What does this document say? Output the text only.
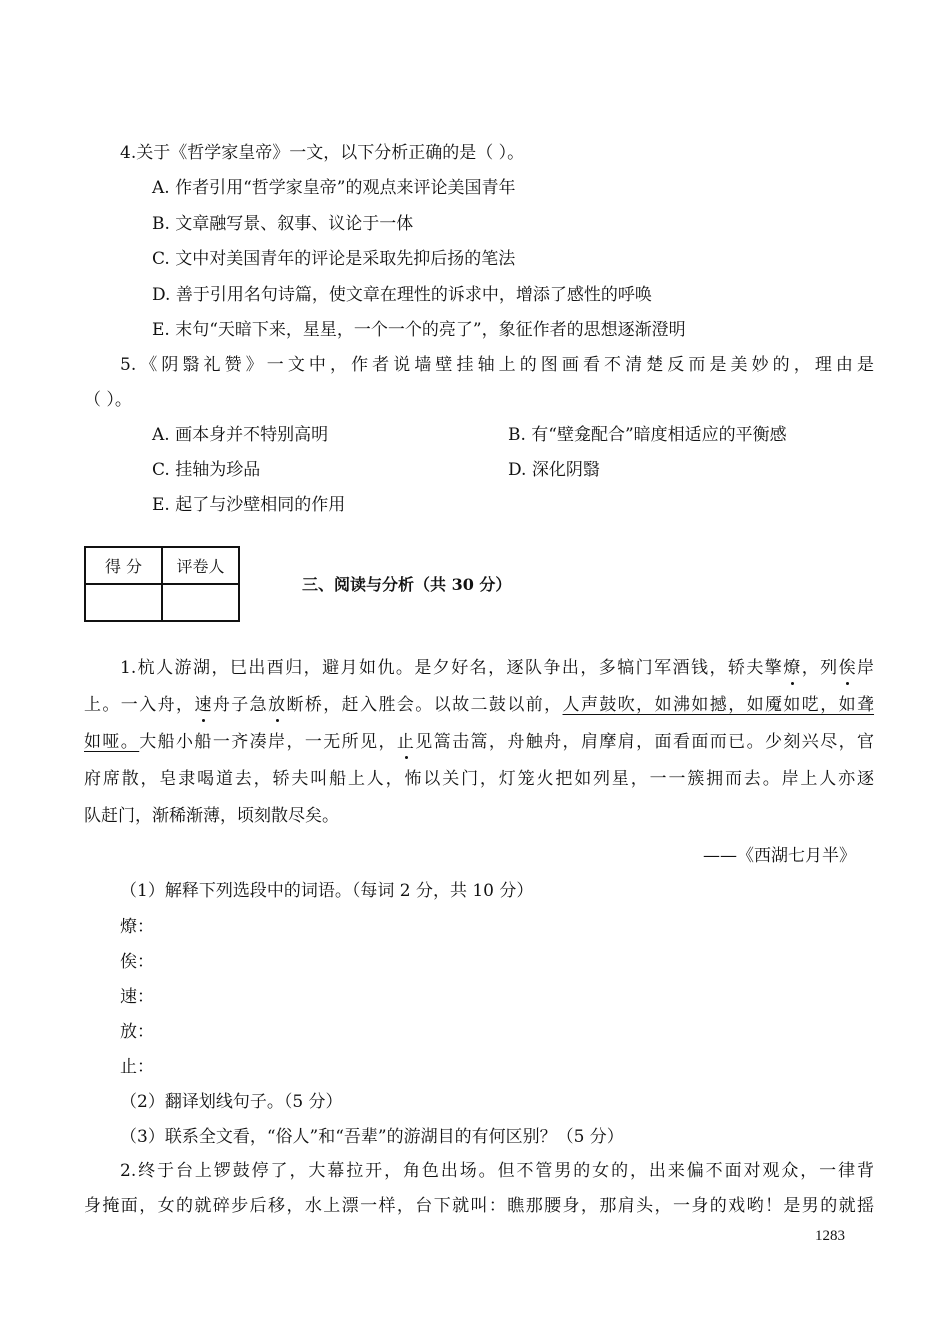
4.关于《哲学家皇帝》一文，以下分析正确的是（ ）。
A. 作者引用“哲学家皇帝”的观点来评论美国青年
B. 文章融写景、叙事、议论于一体
C. 文中对美国青年的评论是采取先抑后扬的笔法
D. 善于引用名句诗篇，使文章在理性的诉求中，增添了感性的呼唤
E. 末句“天暗下来，星星，一个一个的亮了”，象征作者的思想逐渐澄明
5.《阴翳礼赞》一文中，作者说墙壁挂轴上的图画看不清楚反而是美妙的，理由是
（ ）。
A. 画本身并不特别高明	B. 有“壁龛配合”暗度相适应的平衡感
C. 挂轴为珍品	D. 深化阴翳
E. 起了与沙壁相同的作用
得 分	评卷人

三、阅读与分析（共 30 分）
1.杭人游湖，巳出酉归，避月如仇。是夕好名，逐队争出，多犒门军酒钱，轿夫擎燎，列俟岸
上。一入舟，速舟子急放断桥，赶入胜会。以故二鼓以前，人声鼓吹，如沸如撼，如魇如呓，如聋
如哑。大船小船一齐凑岸，一无所见，止见篙击篙，舟触舟，肩摩肩，面看面而已。少刻兴尽，官
府席散，皂隶喝道去，轿夫叫船上人，怖以关门，灯笼火把如列星，一一簇拥而去。岸上人亦逐
队赶门，渐稀渐薄，顷刻散尽矣。
——《西湖七月半》
（1）解释下列选段中的词语。（每词 2 分，共 10 分）
燎：
俟：
速：
放：
止：
（2）翻译划线句子。（5 分）
（3）联系全文看，“俗人”和“吾辈”的游湖目的有何区别？（5 分）
2.终于台上锣鼓停了，大幕拉开，角色出场。但不管男的女的，出来偏不面对观众，一律背
身掩面，女的就碎步后移，水上漂一样，台下就叫：瞧那腰身，那肩头，一身的戏哟！是男的就摇
1283
